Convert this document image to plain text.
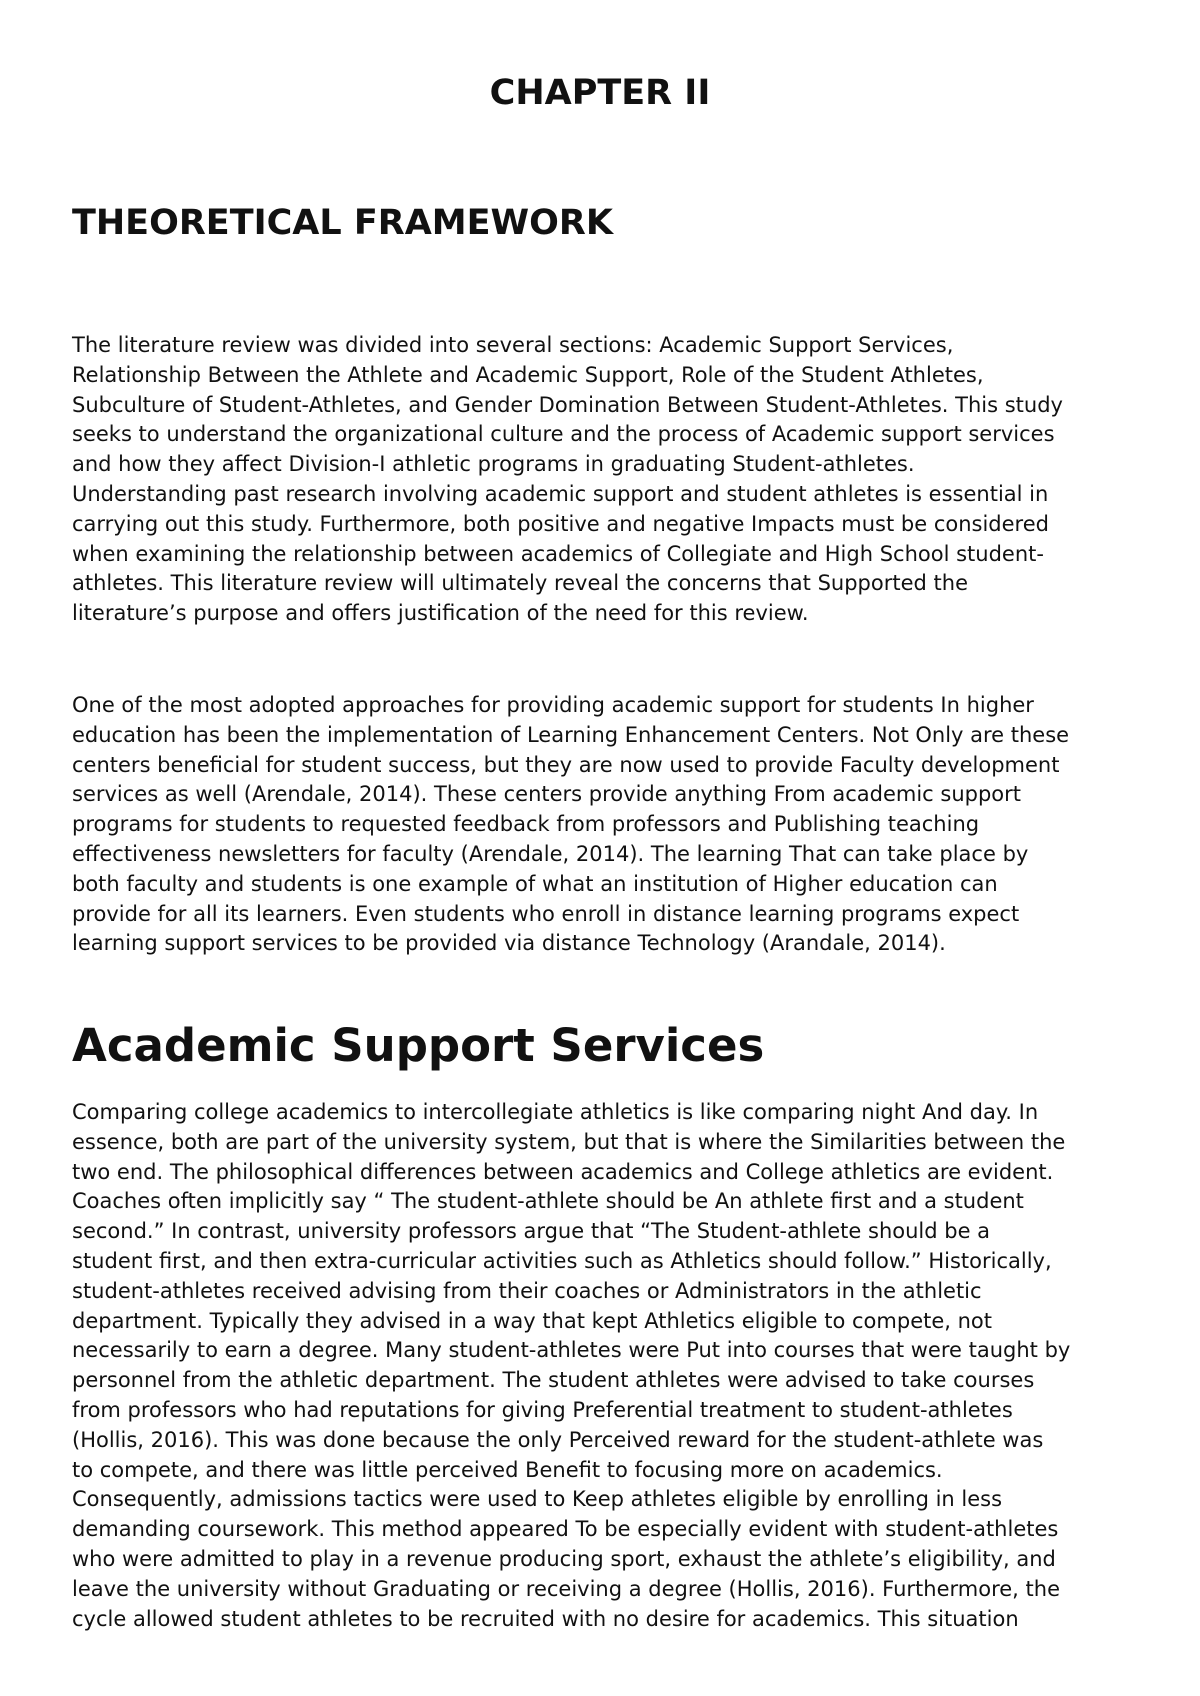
CHAPTER II
THEORETICAL FRAMEWORK
The literature review was divided into several sections: Academic Support Services,
Relationship Between the Athlete and Academic Support, Role of the Student Athletes,
Subculture of Student-Athletes, and Gender Domination Between Student-Athletes. This study
seeks to understand the organizational culture and the process of Academic support services
and how they affect Division-I athletic programs in graduating Student-athletes.
Understanding past research involving academic support and student athletes is essential in
carrying out this study. Furthermore, both positive and negative Impacts must be considered
when examining the relationship between academics of Collegiate and High School student-
athletes. This literature review will ultimately reveal the concerns that Supported the
literature’s purpose and offers justification of the need for this review.
One of the most adopted approaches for providing academic support for students In higher
education has been the implementation of Learning Enhancement Centers. Not Only are these
centers beneficial for student success, but they are now used to provide Faculty development
services as well (Arendale, 2014). These centers provide anything From academic support
programs for students to requested feedback from professors and Publishing teaching
effectiveness newsletters for faculty (Arendale, 2014). The learning That can take place by
both faculty and students is one example of what an institution of Higher education can
provide for all its learners. Even students who enroll in distance learning programs expect
learning support services to be provided via distance Technology (Arandale, 2014).
Academic Support Services
Comparing college academics to intercollegiate athletics is like comparing night And day. In
essence, both are part of the university system, but that is where the Similarities between the
two end. The philosophical differences between academics and College athletics are evident.
Coaches often implicitly say “ The student-athlete should be An athlete first and a student
second.” In contrast, university professors argue that “The Student-athlete should be a
student first, and then extra-curricular activities such as Athletics should follow.” Historically,
student-athletes received advising from their coaches or Administrators in the athletic
department. Typically they advised in a way that kept Athletics eligible to compete, not
necessarily to earn a degree. Many student-athletes were Put into courses that were taught by
personnel from the athletic department. The student athletes were advised to take courses
from professors who had reputations for giving Preferential treatment to student-athletes
(Hollis, 2016). This was done because the only Perceived reward for the student-athlete was
to compete, and there was little perceived Benefit to focusing more on academics.
Consequently, admissions tactics were used to Keep athletes eligible by enrolling in less
demanding coursework. This method appeared To be especially evident with student-athletes
who were admitted to play in a revenue producing sport, exhaust the athlete’s eligibility, and
leave the university without Graduating or receiving a degree (Hollis, 2016). Furthermore, the
cycle allowed student athletes to be recruited with no desire for academics. This situation
